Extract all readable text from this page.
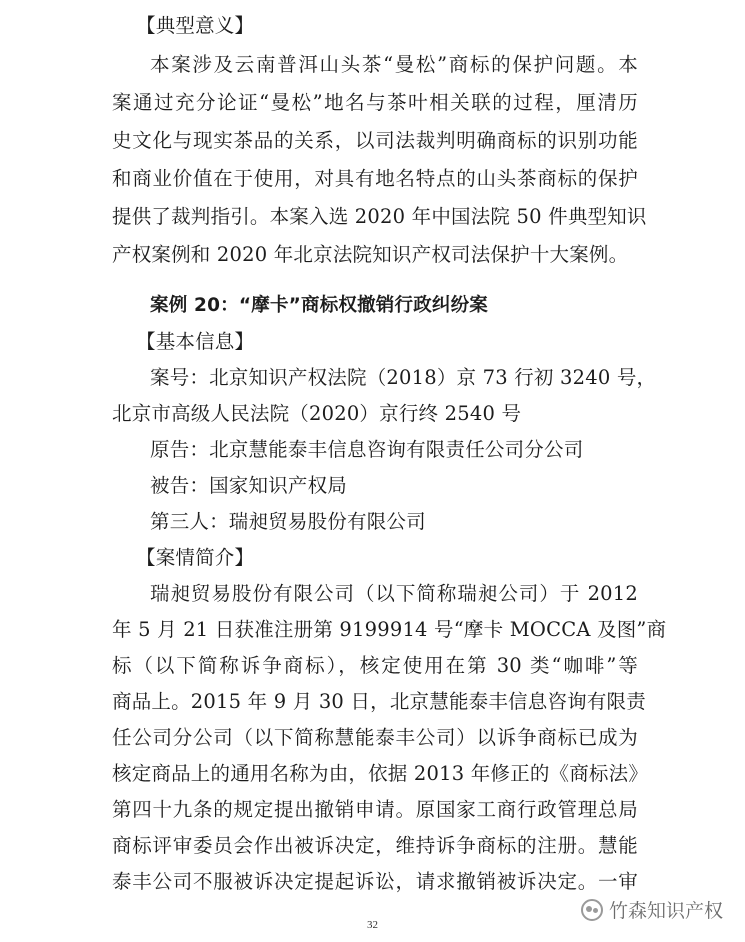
【典型意义】
本案涉及云南普洱山头茶“曼松”商标的保护问题。本
案通过充分论证“曼松”地名与茶叶相关联的过程，厘清历
史文化与现实茶品的关系，以司法裁判明确商标的识别功能
和商业价值在于使用，对具有地名特点的山头茶商标的保护
提供了裁判指引。本案入选 2020 年中国法院 50 件典型知识
产权案例和 2020 年北京法院知识产权司法保护十大案例。
案例 20：“摩卡”商标权撤销行政纠纷案
【基本信息】
案号：北京知识产权法院（2018）京 73 行初 3240 号，
北京市高级人民法院（2020）京行终 2540 号
原告：北京慧能泰丰信息咨询有限责任公司分公司
被告：国家知识产权局
第三人：瑞昶贸易股份有限公司
【案情简介】
瑞昶贸易股份有限公司（以下简称瑞昶公司）于 2012
年 5 月 21 日获准注册第 9199914 号“摩卡 MOCCA 及图”商
标（以下简称诉争商标），核定使用在第 30 类“咖啡”等
商品上。2015 年 9 月 30 日，北京慧能泰丰信息咨询有限责
任公司分公司（以下简称慧能泰丰公司）以诉争商标已成为
核定商品上的通用名称为由，依据 2013 年修正的《商标法》
第四十九条的规定提出撤销申请。原国家工商行政管理总局
商标评审委员会作出被诉决定，维持诉争商标的注册。慧能
泰丰公司不服被诉决定提起诉讼，请求撤销被诉决定。一审
32
竹森知识产权
